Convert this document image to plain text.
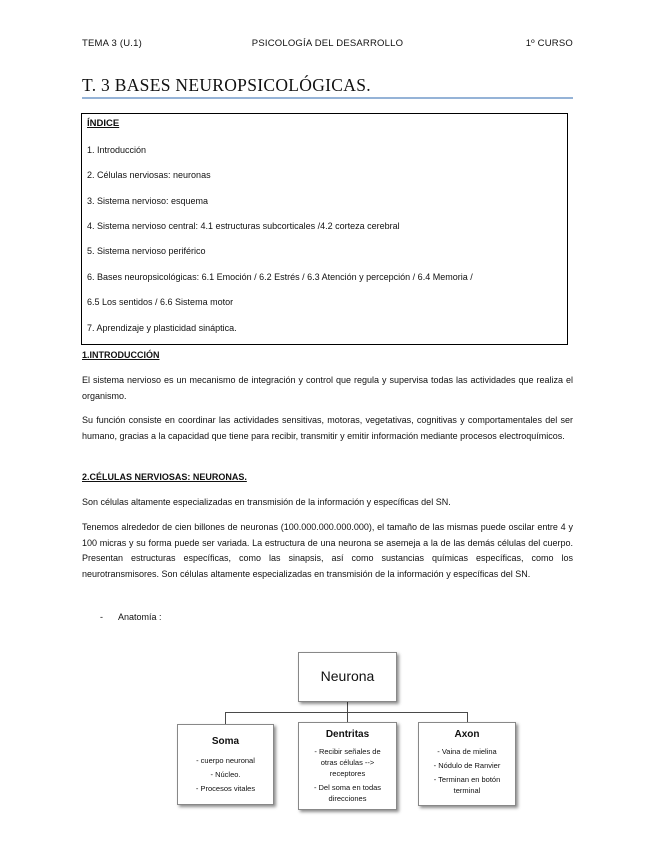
TEMA 3 (U.1)	PSICOLOGÍA DEL DESARROLLO	1º CURSO
T. 3 BASES NEUROPSICOLÓGICAS.
ÍNDICE
1. Introducción
2. Células nerviosas: neuronas
3. Sistema nervioso: esquema
4. Sistema nervioso central: 4.1 estructuras subcorticales /4.2 corteza cerebral
5. Sistema nervioso periférico
6. Bases neuropsicológicas: 6.1 Emoción / 6.2 Estrés / 6.3 Atención y percepción / 6.4 Memoria /
6.5 Los sentidos / 6.6 Sistema motor
7. Aprendizaje y plasticidad sináptica.
1.INTRODUCCIÓN

El sistema nervioso es un mecanismo de integración y control que regula y supervisa todas las actividades que realiza el organismo.

Su función consiste en coordinar las actividades sensitivas, motoras, vegetativas, cognitivas y comportamentales del ser humano, gracias a la capacidad que tiene para recibir, transmitir y emitir información mediante procesos electroquímicos.

2.CÉLULAS NERVIOSAS: NEURONAS.

Son células altamente especializadas en transmisión de la información y específicas del SN.

Tenemos alrededor de cien billones de neuronas (100.000.000.000.000), el tamaño de las mismas puede oscilar entre 4 y 100 micras y su forma puede ser variada. La estructura de una neurona se asemeja a la de las demás células del cuerpo. Presentan estructuras específicas, como las sinapsis, así como sustancias químicas específicas, como los neurotransmisores. Son células altamente especializadas en transmisión de la información y específicas del SN.

- Anatomía :
Neurona
Soma
- cuerpo neuronal
- Núcleo.
- Procesos vitales
Dentritas
- Recibir señales de otras células --> receptores
- Del soma en todas direcciones
Axon
- Vaina de mielina
- Nódulo de Ranvier
- Terminan en botón terminal
